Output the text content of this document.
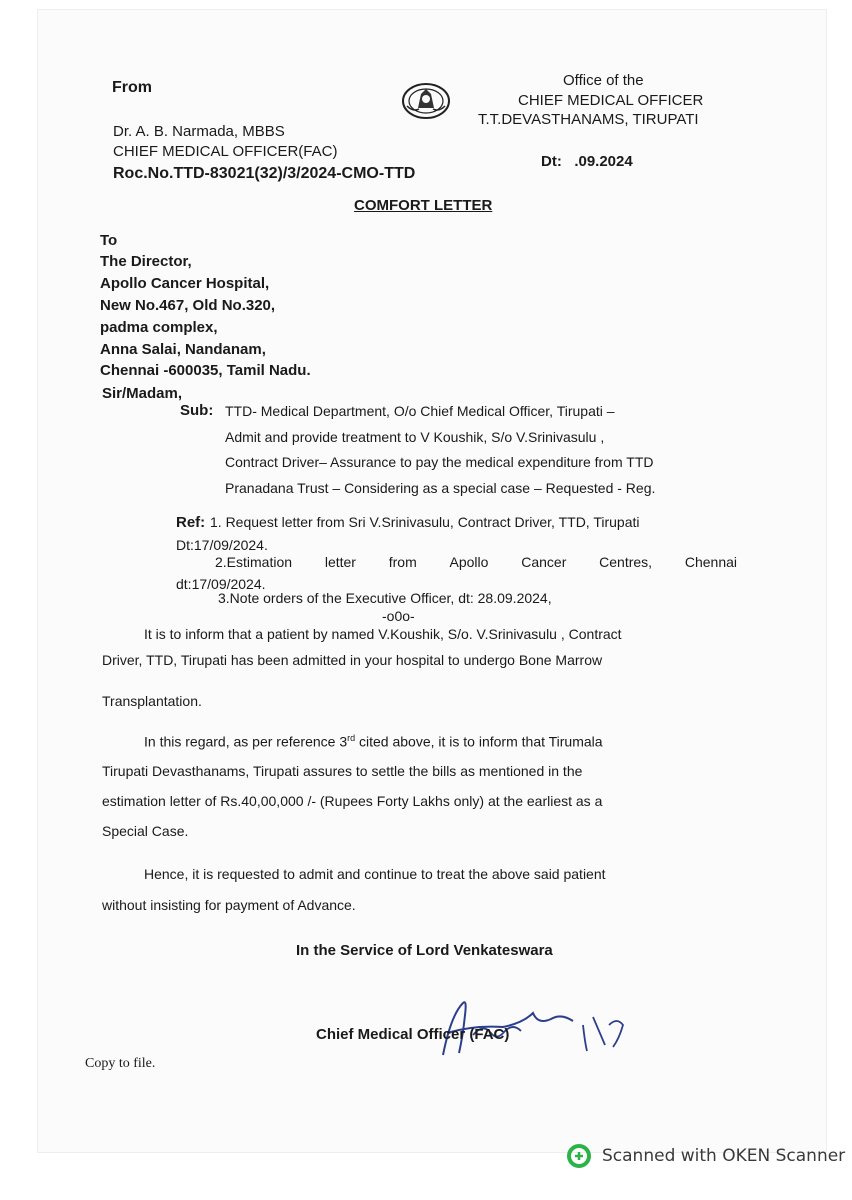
From
Dr. A. B. Narmada, MBBS
CHIEF MEDICAL OFFICER(FAC)
Roc.No.TTD-83021(32)/3/2024-CMO-TTD
Office of the
CHIEF MEDICAL OFFICER
T.T.DEVASTHANAMS, TIRUPATI
Dt:   .09.2024
COMFORT LETTER
To
The Director,
Apollo Cancer Hospital,
New No.467, Old No.320,
padma complex,
Anna Salai, Nandanam,
Chennai -600035, Tamil Nadu.
Sir/Madam,
Sub: TTD- Medical Department, O/o Chief Medical Officer, Tirupati –
Admit and provide treatment to V Koushik, S/o V.Srinivasulu ,
Contract Driver– Assurance to pay the medical expenditure from TTD
Pranadana Trust – Considering as a special case – Requested - Reg.
Ref: 1. Request letter from Sri V.Srinivasulu, Contract Driver, TTD, Tirupati
Dt:17/09/2024.
2.Estimation letter from Apollo Cancer Centres, Chennai
dt:17/09/2024.
3.Note orders of the Executive Officer, dt: 28.09.2024,
-o0o-
It is to inform that a patient by named V.Koushik, S/o. V.Srinivasulu , Contract
Driver, TTD, Tirupati has been admitted in your hospital to undergo Bone Marrow
Transplantation.
In this regard, as per reference 3rd cited above, it is to inform that Tirumala
Tirupati Devasthanams, Tirupati assures to settle the bills as mentioned in the
estimation letter of Rs.40,00,000 /- (Rupees Forty Lakhs only) at the earliest as a
Special Case.
Hence, it is requested to admit and continue to treat the above said patient
without insisting for payment of Advance.
In the Service of Lord Venkateswara
Chief Medical Officer (FAC)
Copy to file.
Scanned with OKEN Scanner
